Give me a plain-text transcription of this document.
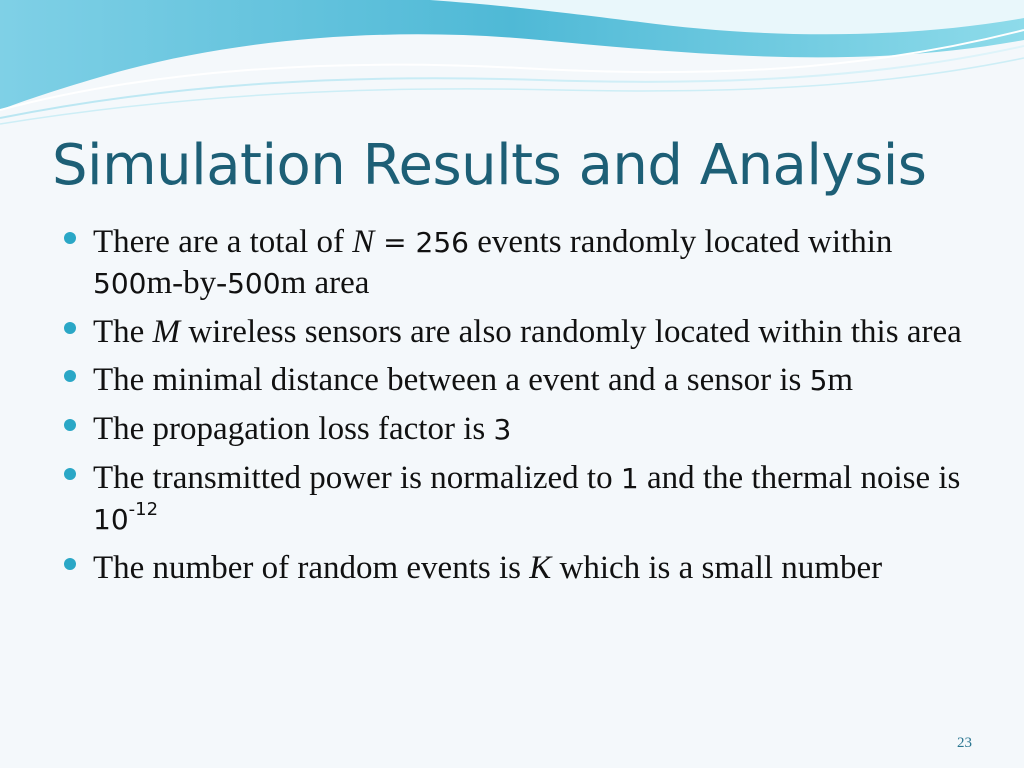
Simulation Results and Analysis
There are a total of N = 256 events randomly located within 500m-by-500m area
The M wireless sensors are also randomly located within this area
The minimal distance between a event and a sensor is 5m
The propagation loss factor is 3
The transmitted power is normalized to 1 and the thermal noise is $10^{-12}$
The number of random events is K which is a small number
23
